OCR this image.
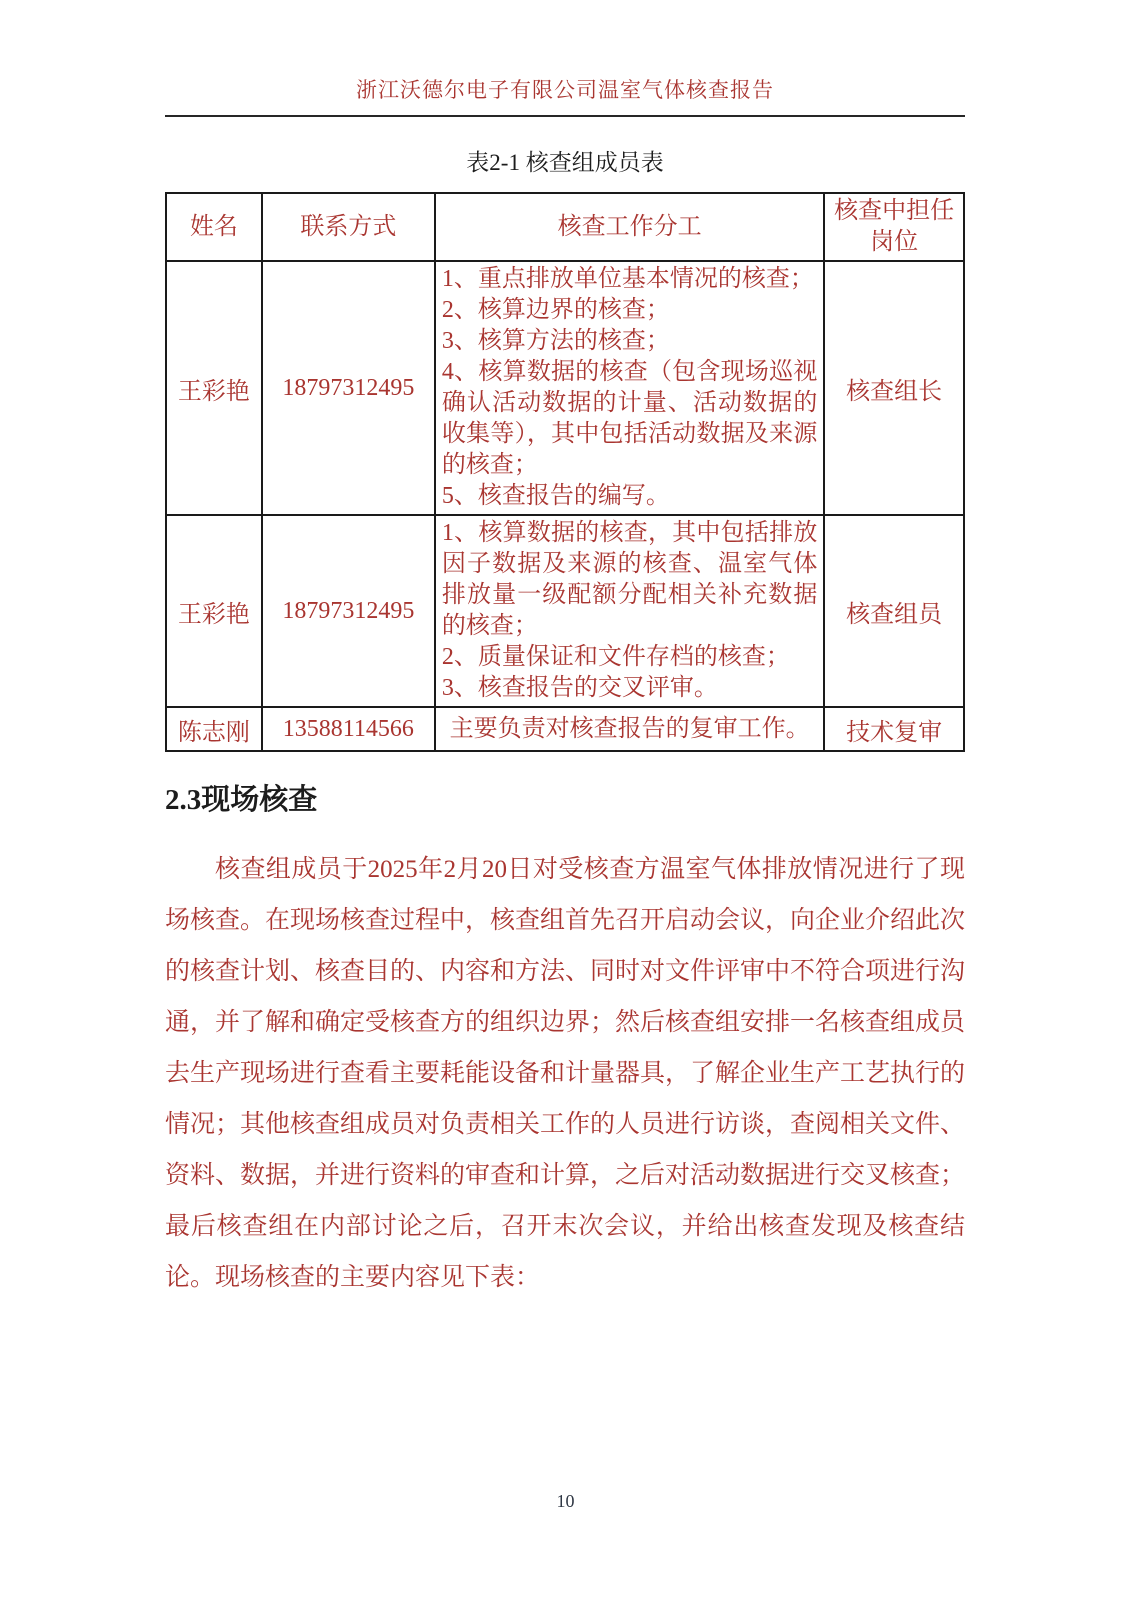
浙江沃德尔电子有限公司温室气体核查报告
表2-1 核查组成员表
姓名	联系方式	核查工作分工	核查中担任岗位
王彩艳	18797312495	1、重点排放单位基本情况的核查；
2、核算边界的核查；
3、核算方法的核查；
4、核算数据的核查（包含现场巡视确认活动数据的计量、活动数据的收集等），其中包括活动数据及来源的核查；
5、核查报告的编写。	核查组长
王彩艳	18797312495	1、核算数据的核查，其中包括排放因子数据及来源的核查、温室气体排放量一级配额分配相关补充数据的核查；
2、质量保证和文件存档的核查；
3、核查报告的交叉评审。	核查组员
陈志刚	13588114566	主要负责对核查报告的复审工作。	技术复审
2.3现场核查
核查组成员于2025年2月20日对受核查方温室气体排放情况进行了现场核查。在现场核查过程中，核查组首先召开启动会议，向企业介绍此次的核查计划、核查目的、内容和方法、同时对文件评审中不符合项进行沟通，并了解和确定受核查方的组织边界；然后核查组安排一名核查组成员去生产现场进行查看主要耗能设备和计量器具，了解企业生产工艺执行的情况；其他核查组成员对负责相关工作的人员进行访谈，查阅相关文件、资料、数据，并进行资料的审查和计算，之后对活动数据进行交叉核查；最后核查组在内部讨论之后，召开末次会议，并给出核查发现及核查结论。现场核查的主要内容见下表：
10
